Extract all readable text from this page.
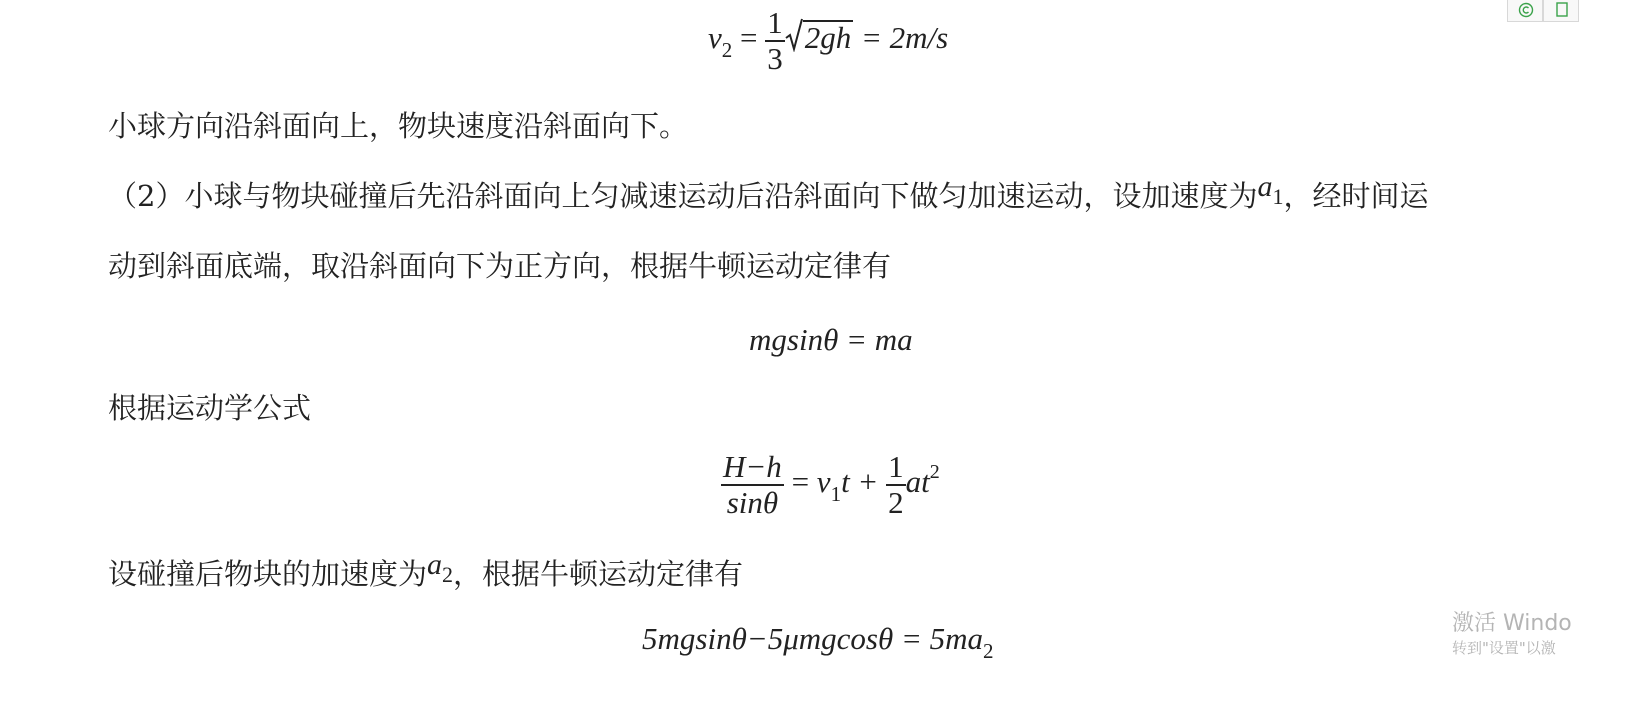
$v_2 = \frac{1}{3} 2gh = 2m/s$
小球方向沿斜面向上，物块速度沿斜面向下。
（2）小球与物块碰撞后先沿斜面向上匀减速运动后沿斜面向下做匀加速运动，设加速度为$a_1$，经时间运
动到斜面底端，取沿斜面向下为正方向，根据牛顿运动定律有
mgsinθ = ma
根据运动学公式
$\frac{H-h}{\sin\theta} = v_1t + \frac{1}{2} at^2$
设碰撞后物块的加速度为$a_2$，根据牛顿运动定律有
$5mgsin\theta-5\mu mgcos\theta = 5ma_2$
激活 Windo
转到"设置"以激
